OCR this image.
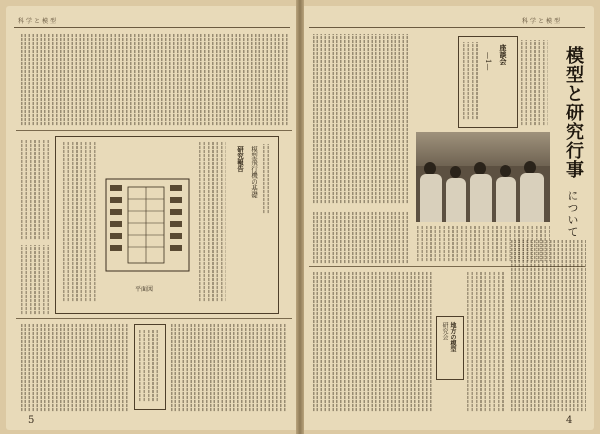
科学と模型	科学と模型
研究報告 模型飛行機の基礎
平面図
5
座談会
—1—	模型と研究行事
について
地方の模型
研究会
4
